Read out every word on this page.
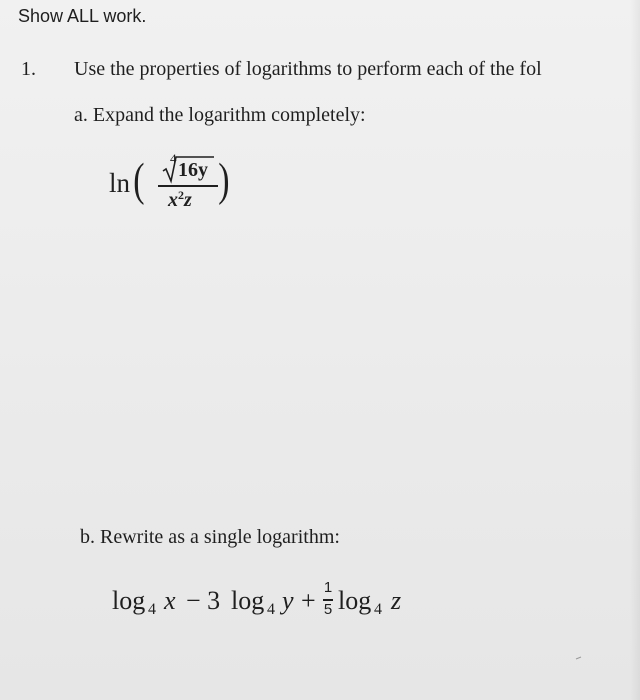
Show ALL work.
1. Use the properties of logarithms to perform each of the fol
a. Expand the logarithm completely:
ln ( 4
16y
$x^2z$ )
b. Rewrite as a single logarithm:
log 4 x − 3 log 4 y + 1
5 log 4 z
